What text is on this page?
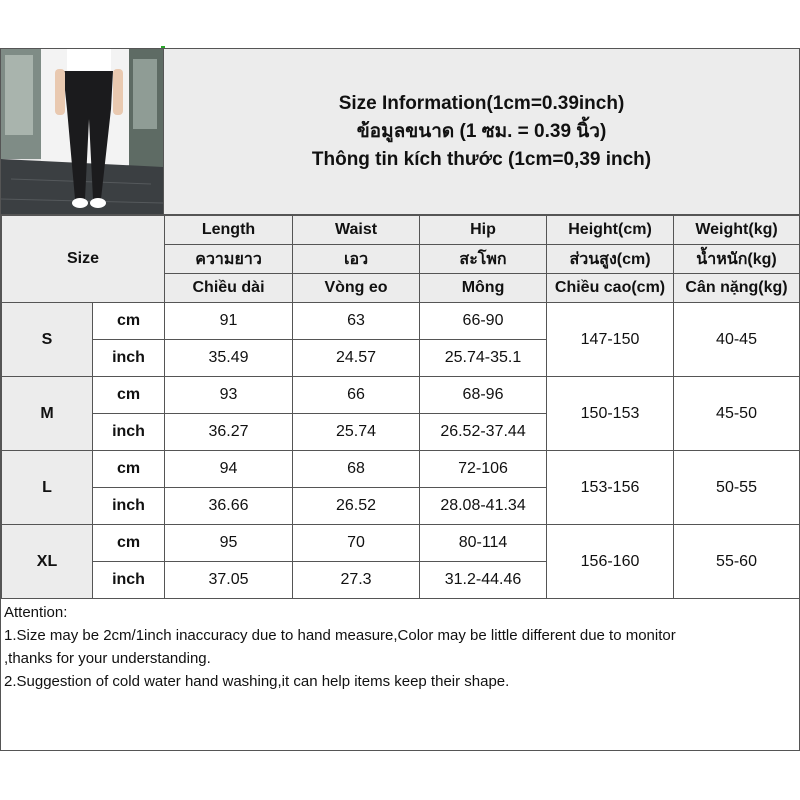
Size Information(1cm=0.39inch)
ข้อมูลขนาด (1 ซม. = 0.39 นิ้ว)
Thông tin kích thước (1cm=0,39 inch)
Size		Length	Waist	Hip	Height(cm)	Weight(kg)
		ความยาว	เอว	สะโพก	ส่วนสูง(cm)	น้ำหนัก(kg)
		Chiều dài	Vòng eo	Mông	Chiều cao(cm)	Cân nặng(kg)
S	cm	91	63	66-90	147-150	40-45
	inch	35.49	24.57	25.74-35.1		
M	cm	93	66	68-96	150-153	45-50
	inch	36.27	25.74	26.52-37.44		
L	cm	94	68	72-106	153-156	50-55
	inch	36.66	26.52	28.08-41.34		
XL	cm	95	70	80-114	156-160	55-60
	inch	37.05	27.3	31.2-44.46		

Attention:

1.Size may be 2cm/1inch inaccuracy due to hand measure,Color may be little different due to monitor

,thanks for your understanding.

2.Suggestion of cold water hand washing,it can help items keep their shape.
